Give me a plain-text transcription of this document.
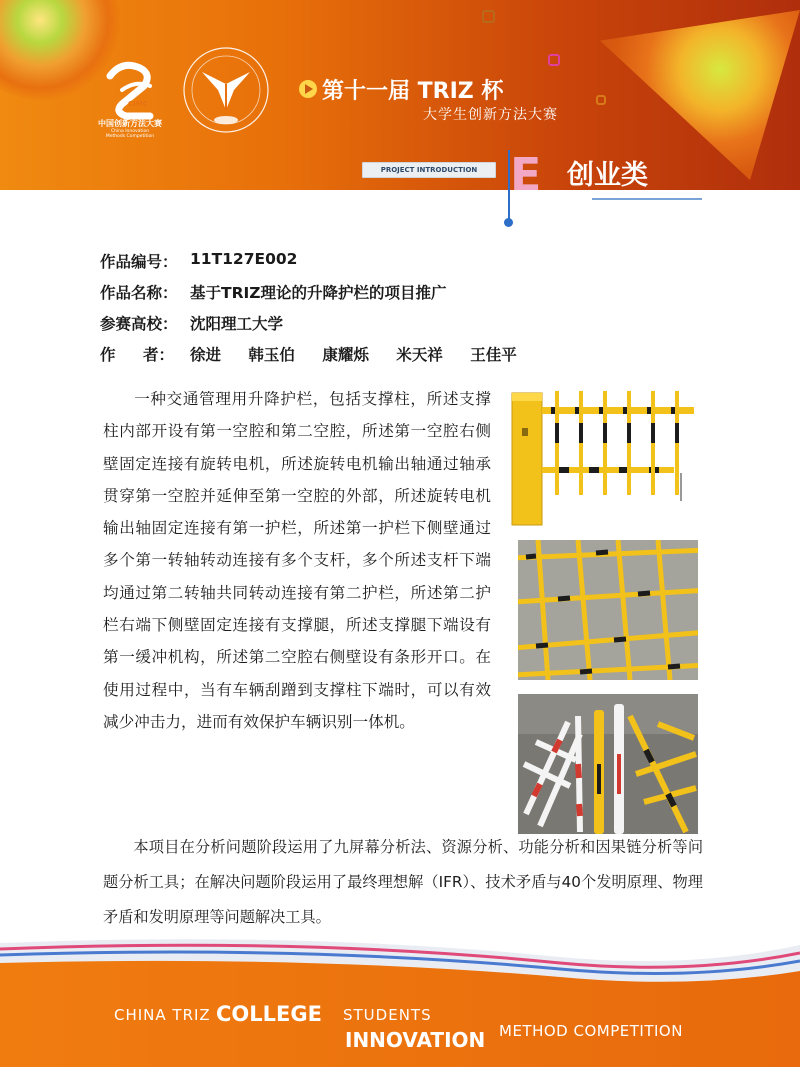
CIMC
中国创新方法大赛
China Innovation
Methods Competition
第十一届 TRIZ 杯
大学生创新方法大赛
E 创业类
PROJECT INTRODUCTION
作品编号： 11T127E002
作品名称： 基于TRIZ理论的升降护栏的项目推广
参赛高校： 沈阳理工大学
作 者： 徐进 韩玉伯 康耀烁 米天祥 王佳平

一种交通管理用升降护栏，包括支撑柱，所述支撑柱内部开设有第一空腔和第二空腔，所述第一空腔右侧壁固定连接有旋转电机，所述旋转电机输出轴通过轴承贯穿第一空腔并延伸至第一空腔的外部，所述旋转电机输出轴固定连接有第一护栏，所述第一护栏下侧壁通过多个第一转轴转动连接有多个支杆，多个所述支杆下端均通过第二转轴共同转动连接有第二护栏，所述第二护栏右端下侧壁固定连接有支撑腿，所述支撑腿下端设有第一缓冲机构，所述第二空腔右侧壁设有条形开口。在使用过程中，当有车辆刮蹭到支撑柱下端时，可以有效减少冲击力，进而有效保护车辆识别一体机。

本项目在分析问题阶段运用了九屏幕分析法、资源分析、功能分析和因果链分析等问题分析工具；在解决问题阶段运用了最终理想解（IFR）、技术矛盾与40个发明原理、物理矛盾和发明原理等问题解决工具。

CHINA TRIZ COLLEGE STUDENTS
INNOVATION METHOD COMPETITION
